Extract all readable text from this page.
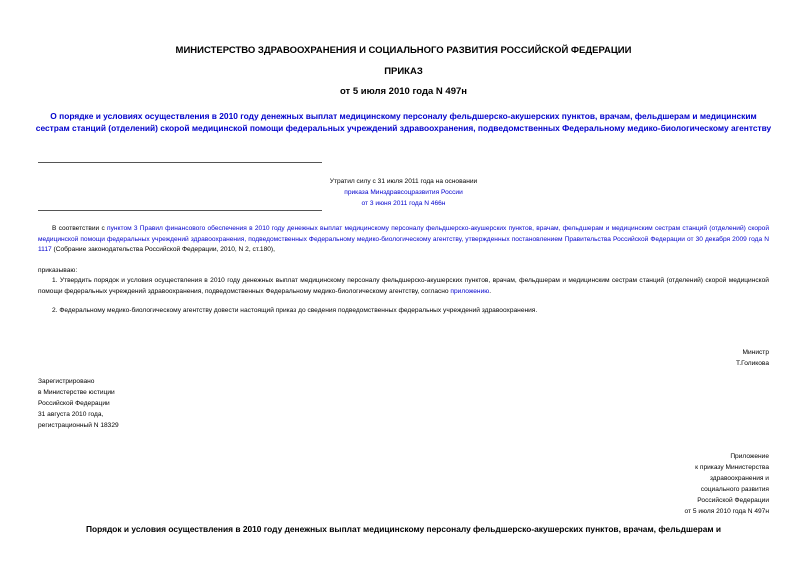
МИНИСТЕРСТВО ЗДРАВООХРАНЕНИЯ И СОЦИАЛЬНОГО РАЗВИТИЯ РОССИЙСКОЙ ФЕДЕРАЦИИ
ПРИКАЗ
от 5 июля 2010 года N 497н
О порядке и условиях осуществления в 2010 году денежных выплат медицинскому персоналу фельдшерско-акушерских пунктов, врачам, фельдшерам и медицинским сестрам станций (отделений) скорой медицинской помощи федеральных учреждений здравоохранения, подведомственных Федеральному медико-биологическому агентству
Утратил силу с 31 июля 2011 года на основании
приказа Минздравсоцразвития России
от 3 июня 2011 года N 466н
В соответствии с пунктом 3 Правил финансового обеспечения в 2010 году денежных выплат медицинскому персоналу фельдшерско-акушерских пунктов, врачам, фельдшерам и медицинским сестрам станций (отделений) скорой медицинской помощи федеральных учреждений здравоохранения, подведомственных Федеральному медико-биологическому агентству, утвержденных постановлением Правительства Российской Федерации от 30 декабря 2009 года N 1117 (Собрание законодательства Российской Федерации, 2010, N 2, ст.180),
приказываю:
1. Утвердить порядок и условия осуществления в 2010 году денежных выплат медицинскому персоналу фельдшерско-акушерских пунктов, врачам, фельдшерам и медицинским сестрам станций (отделений) скорой медицинской помощи федеральных учреждений здравоохранения, подведомственных Федеральному медико-биологическому агентству, согласно приложению.
2. Федеральному медико-биологическому агентству довести настоящий приказ до сведения подведомственных федеральных учреждений здравоохранения.
Министр
Т.Голикова
Зарегистрировано
в Министерстве юстиции
Российской Федерации
31 августа 2010 года,
регистрационный N 18329
Приложение
к приказу Министерства
здравоохранения и
социального развития
Российской Федерации
от 5 июля 2010 года N 497н
Порядок и условия осуществления в 2010 году денежных выплат медицинскому персоналу фельдшерско-акушерских пунктов, врачам, фельдшерам и
